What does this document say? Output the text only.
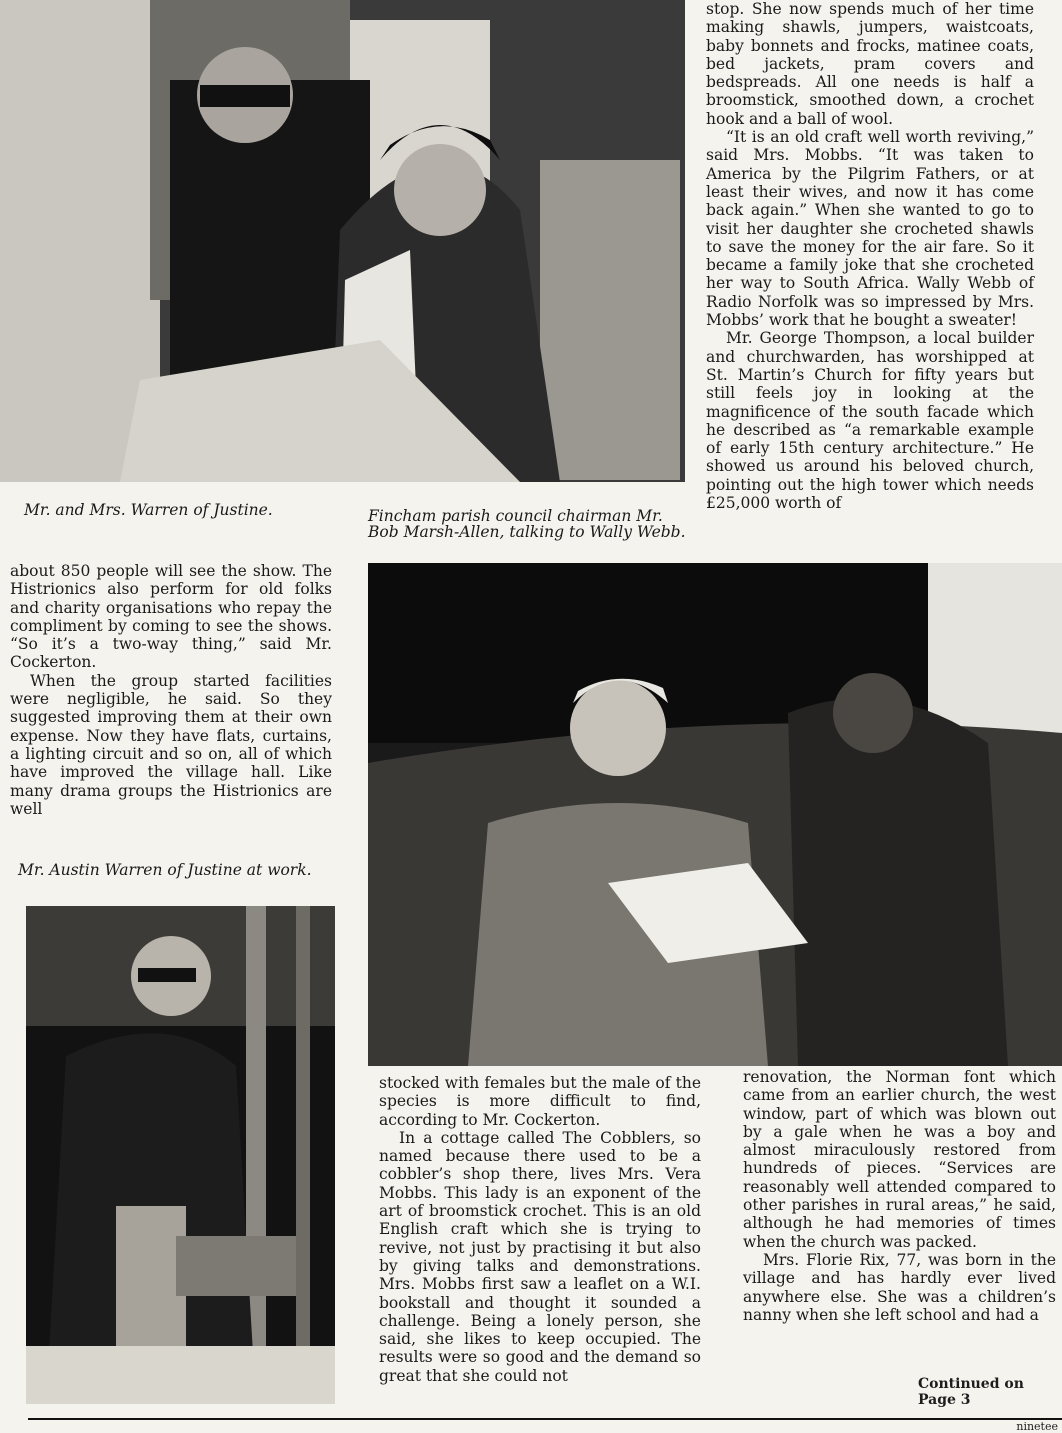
Mr. and Mrs. Warren of Justine.

stop. She now spends much of her time making shawls, jumpers, waistcoats, baby bonnets and frocks, matinee coats, bed jackets, pram covers and bedspreads. All one needs is half a broomstick, smoothed down, a crochet hook and a ball of wool.

“It is an old craft well worth reviving,” said Mrs. Mobbs. “It was taken to America by the Pilgrim Fathers, or at least their wives, and now it has come back again.” When she wanted to go to visit her daughter she crocheted shawls to save the money for the air fare. So it became a family joke that she crocheted her way to South Africa. Wally Webb of Radio Norfolk was so impressed by Mrs. Mobbs’ work that he bought a sweater!

Mr. George Thompson, a local builder and churchwarden, has worshipped at St. Martin’s Church for fifty years but still feels joy in looking at the magnificence of the south facade which he described as “a remarkable example of early 15th century architecture.” He showed us around his beloved church, pointing out the high tower which needs £25,000 worth of

Fincham parish council chairman Mr. Bob Marsh-Allen, talking to Wally Webb.

about 850 people will see the show. The Histrionics also perform for old folks and charity organisations who repay the compliment by coming to see the shows. “So it’s a two-way thing,” said Mr. Cockerton.

When the group started facilities were negligible, he said. So they suggested improving them at their own expense. Now they have flats, curtains, a lighting circuit and so on, all of which have improved the village hall. Like many drama groups the Histrionics are well

Mr. Austin Warren of Justine at work.

stocked with females but the male of the species is more difficult to find, according to Mr. Cockerton.

In a cottage called The Cobblers, so named because there used to be a cobbler’s shop there, lives Mrs. Vera Mobbs. This lady is an exponent of the art of broomstick crochet. This is an old English craft which she is trying to revive, not just by practising it but also by giving talks and demonstrations. Mrs. Mobbs first saw a leaflet on a W.I. bookstall and thought it sounded a challenge. Being a lonely person, she said, she likes to keep occupied. The results were so good and the demand so great that she could not

renovation, the Norman font which came from an earlier church, the west window, part of which was blown out by a gale when he was a boy and almost miraculously restored from hundreds of pieces. “Services are reasonably well attended compared to other parishes in rural areas,” he said, although he had memories of times when the church was packed.

Mrs. Florie Rix, 77, was born in the village and has hardly ever lived anywhere else. She was a children’s nanny when she left school and had a

Continued on Page 3
ninetee
